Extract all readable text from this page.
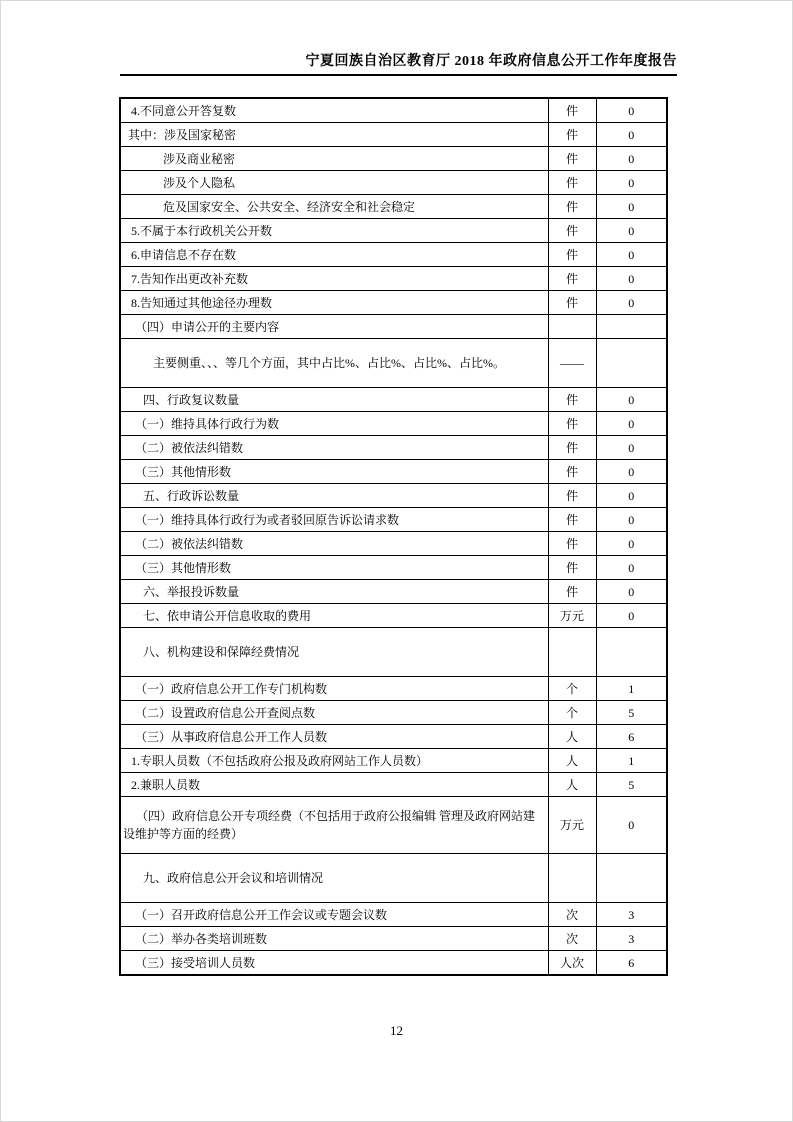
宁夏回族自治区教育厅 2018 年政府信息公开工作年度报告
4.不同意公开答复数	件	0
其中：涉及国家秘密	件	0
涉及商业秘密	件	0
涉及个人隐私	件	0
危及国家安全、公共安全、经济安全和社会稳定	件	0
5.不属于本行政机关公开数	件	0
6.申请信息不存在数	件	0
7.告知作出更改补充数	件	0
8.告知通过其他途径办理数	件	0
（四）申请公开的主要内容		
主要侧重、、、等几个方面，其中占比%、占比%、占比%、占比%。	——	
四、行政复议数量	件	0
（一）维持具体行政行为数	件	0
（二）被依法纠错数	件	0
（三）其他情形数	件	0
五、行政诉讼数量	件	0
（一）维持具体行政行为或者驳回原告诉讼请求数	件	0
（二）被依法纠错数	件	0
（三）其他情形数	件	0
六、举报投诉数量	件	0
七、依申请公开信息收取的费用	万元	0
八、机构建设和保障经费情况		
（一）政府信息公开工作专门机构数	个	1
（二）设置政府信息公开查阅点数	个	5
（三）从事政府信息公开工作人员数	人	6
1.专职人员数（不包括政府公报及政府网站工作人员数）	人	1
2.兼职人员数	人	5
（四）政府信息公开专项经费（不包括用于政府公报编辑 管理及政府网站建设维护等方面的经费）	万元	0
九、政府信息公开会议和培训情况		
（一）召开政府信息公开工作会议或专题会议数	次	3
（二）举办各类培训班数	次	3
（三）接受培训人员数	人次	6
12
